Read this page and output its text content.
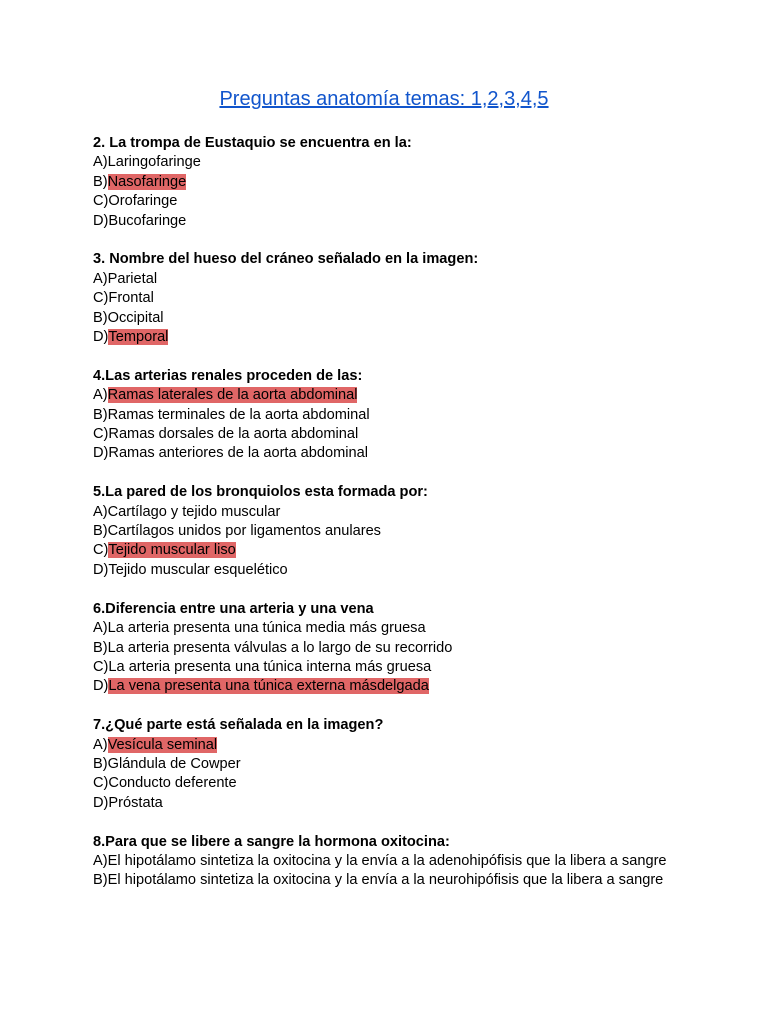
Preguntas anatomía temas: 1,2,3,4,5
2. La trompa de Eustaquio se encuentra en la:
A)Laringofaringe
B)Nasofaringe
C)Orofaringe
D)Bucofaringe
3. Nombre del hueso del cráneo señalado en la imagen:
A)Parietal
C)Frontal
B)Occipital
D)Temporal
4.Las arterias renales proceden de las:
A)Ramas laterales de la aorta abdominal
B)Ramas terminales de la aorta abdominal
C)Ramas dorsales de la aorta abdominal
D)Ramas anteriores de la aorta abdominal
5.La pared de los bronquiolos esta formada por:
A)Cartílago y tejido muscular
B)Cartílagos unidos por ligamentos anulares
C)Tejido muscular liso
D)Tejido muscular esquelético
6.Diferencia entre una arteria y una vena
A)La arteria presenta una túnica media más gruesa
B)La arteria presenta válvulas a lo largo de su recorrido
C)La arteria presenta una túnica interna más gruesa
D)La vena presenta una túnica externa másdelgada
7.¿Qué parte está señalada en la imagen?
A)Vesícula seminal
B)Glándula de Cowper
C)Conducto deferente
D)Próstata
8.Para que se libere a sangre la hormona oxitocina:
A)El hipotálamo sintetiza la oxitocina y la envía a la adenohipófisis que la libera a sangre
B)El hipotálamo sintetiza la oxitocina y la envía a la neurohipófisis que la libera a sangre
